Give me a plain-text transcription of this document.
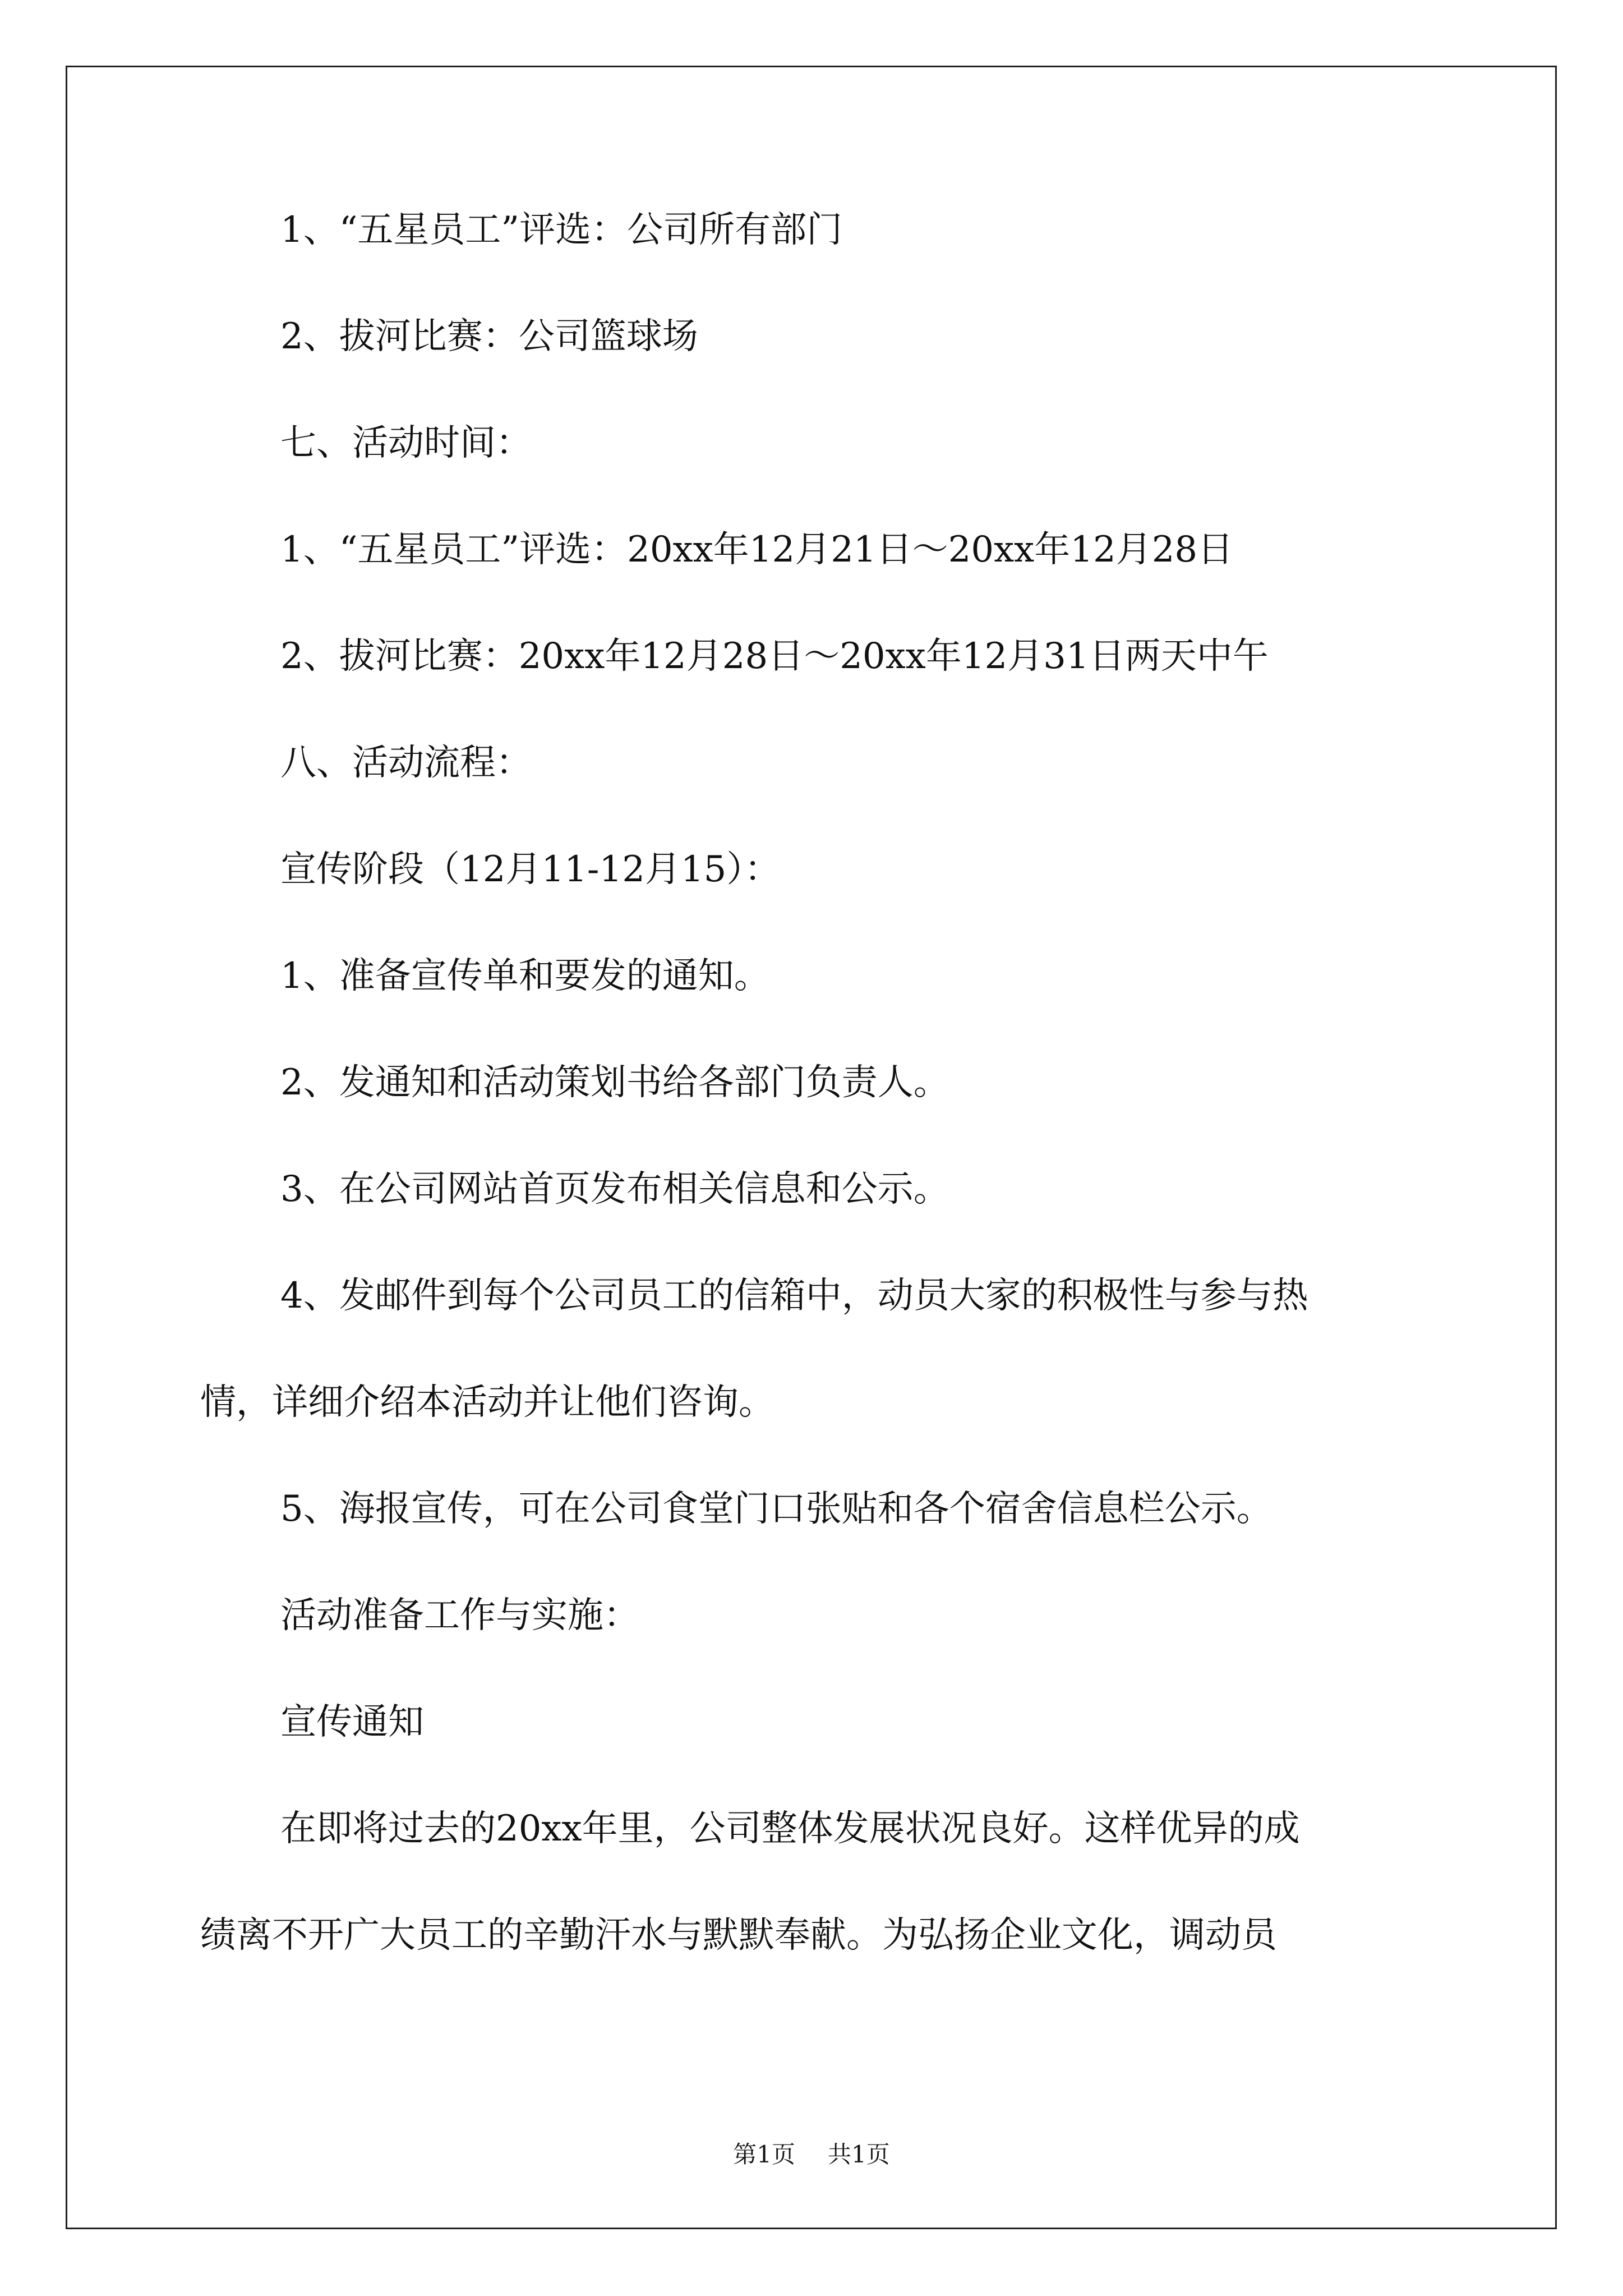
1、“五星员工”评选：公司所有部门

2、拔河比赛：公司篮球场

七、活动时间：

1、“五星员工”评选：20xx年12月21日～20xx年12月28日

2、拔河比赛：20xx年12月28日～20xx年12月31日两天中午

八、活动流程：

宣传阶段（12月11-12月15）：

1、准备宣传单和要发的通知。

2、发通知和活动策划书给各部门负责人。

3、在公司网站首页发布相关信息和公示。

4、发邮件到每个公司员工的信箱中，动员大家的积极性与参与热
情，详细介绍本活动并让他们咨询。

5、海报宣传，可在公司食堂门口张贴和各个宿舍信息栏公示。

活动准备工作与实施：

宣传通知

在即将过去的20xx年里，公司整体发展状况良好。这样优异的成
绩离不开广大员工的辛勤汗水与默默奉献。为弘扬企业文化，调动员
第1页 共1页
